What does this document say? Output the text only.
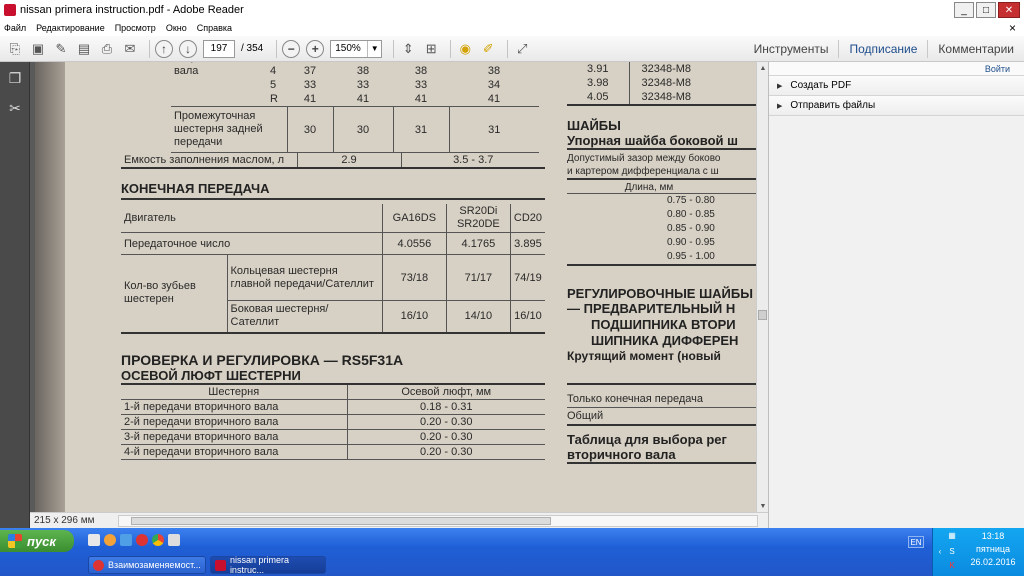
nissan primera instruction.pdf - Adobe Reader	_	□	✕
Файл Редактирование Просмотр Окно Справка	×
⎘ ▣ ✎ ▤ ⎙ ✉	↑	↓	197	/ 354	−	+	150%	▼ ⇕ ⊞ ◉ ✐ ⤢	Инструменты	Подписание	Комментарии
❐
✂

вала	4	37	38	38	38
	5	33	33	33	34
	R	41	41	41	41

Промежуточная
шестерня задней
передачи		30	30	31	31
Емкость заполнения маслом, л	2.9	3.5 - 3.7
КОНЕЧНАЯ ПЕРЕДАЧА
Двигатель		GA16DS	SR20Di SR20DE	CD20
Передаточное число		4.0556	4.1765	3.895
Кол-во зубьев шестерен	Кольцевая шестерня главной передачи/Сателлит	73/18	71/17	74/19
	Боковая шестерня/ Сателлит	16/10	14/10	16/10
ПРОВЕРКА И РЕГУЛИРОВКА — RS5F31A
ОСЕВОЙ ЛЮФТ ШЕСТЕРНИ
Шестерня	Осевой люфт, мм
1-й передачи вторичного вала	0.18 - 0.31
2-й передачи вторичного вала	0.20 - 0.30
3-й передачи вторичного вала	0.20 - 0.30
4-й передачи вторичного вала	0.20 - 0.30
3.91	32348-M8
3.98	32348-M8
4.05	32348-M8
ШАЙБЫ
Упорная шайба боковой ш
Допустимый зазор между боково
и картером дифференциала с ш
Длина, мм
0.75 - 0.80
0.80 - 0.85
0.85 - 0.90
0.90 - 0.95
0.95 - 1.00
РЕГУЛИРОВОЧНЫЕ ШАЙБЫ
— ПРЕДВАРИТЕЛЬНЫЙ Н
ПОДШИПНИКА ВТОРИ
ШИПНИКА ДИФФЕРЕН
Крутящий момент (новый
Только конечная передача
Общий
Таблица для выбора рег
вторичного вала
▲
▼
215 x 296 мм
Войти
▶ Создать PDF
▶ Отправить файлы
пуск
Взаимозаменяемост...	nissan primera instruc...
EN
▦
‹	S
K
13:18
пятница
26.02.2016
